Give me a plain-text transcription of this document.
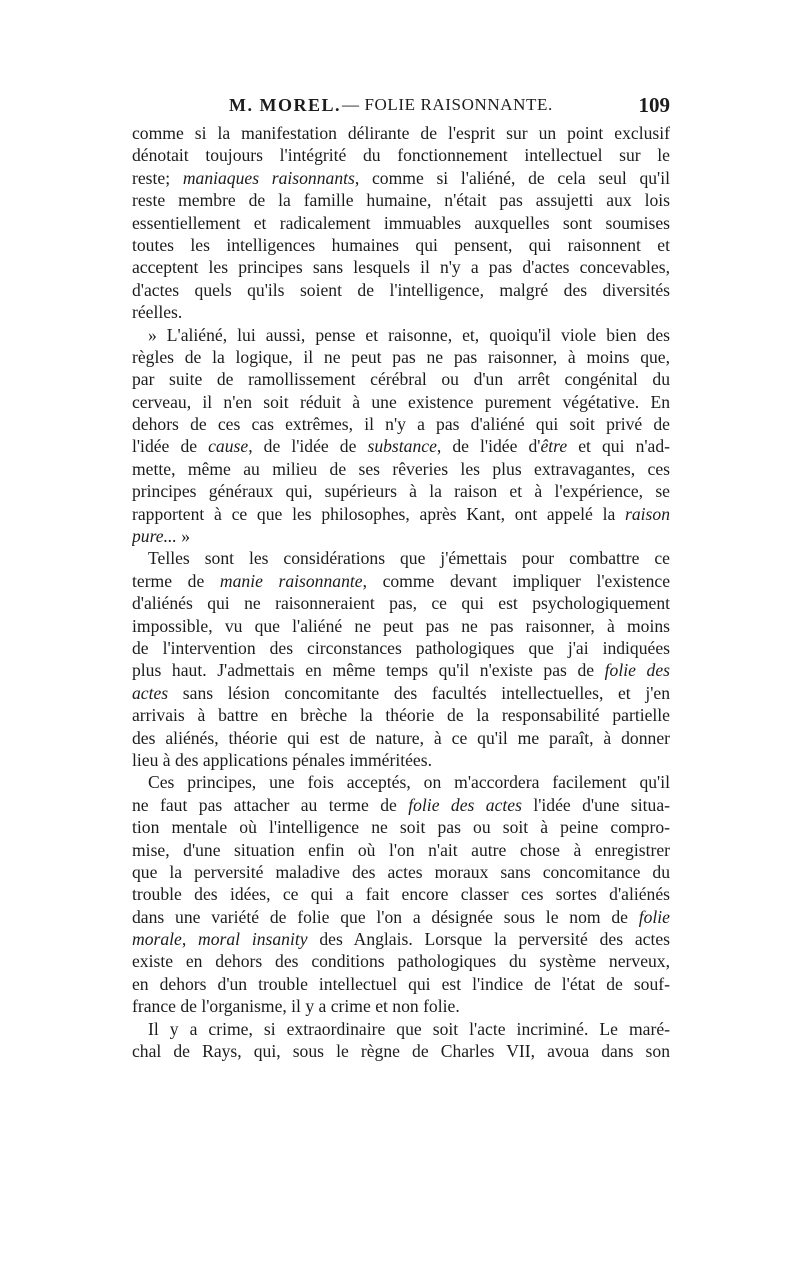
M. MOREL. — FOLIE RAISONNANTE.	109
comme si la manifestation délirante de l'esprit sur un point exclusif
dénotait toujours l'intégrité du fonctionnement intellectuel sur le
reste; maniaques raisonnants, comme si l'aliéné, de cela seul qu'il
reste membre de la famille humaine, n'était pas assujetti aux lois
essentiellement et radicalement immuables auxquelles sont soumises
toutes les intelligences humaines qui pensent, qui raisonnent et
acceptent les principes sans lesquels il n'y a pas d'actes concevables,
d'actes quels qu'ils soient de l'intelligence, malgré des diversités
réelles.
» L'aliéné, lui aussi, pense et raisonne, et, quoiqu'il viole bien des
règles de la logique, il ne peut pas ne pas raisonner, à moins que,
par suite de ramollissement cérébral ou d'un arrêt congénital du
cerveau, il n'en soit réduit à une existence purement végétative. En
dehors de ces cas extrêmes, il n'y a pas d'aliéné qui soit privé de
l'idée de cause, de l'idée de substance, de l'idée d'être et qui n'ad-
mette, même au milieu de ses rêveries les plus extravagantes, ces
principes généraux qui, supérieurs à la raison et à l'expérience, se
rapportent à ce que les philosophes, après Kant, ont appelé la raison
pure... »
Telles sont les considérations que j'émettais pour combattre ce
terme de manie raisonnante, comme devant impliquer l'existence
d'aliénés qui ne raisonneraient pas, ce qui est psychologiquement
impossible, vu que l'aliéné ne peut pas ne pas raisonner, à moins
de l'intervention des circonstances pathologiques que j'ai indiquées
plus haut. J'admettais en même temps qu'il n'existe pas de folie des
actes sans lésion concomitante des facultés intellectuelles, et j'en
arrivais à battre en brèche la théorie de la responsabilité partielle
des aliénés, théorie qui est de nature, à ce qu'il me paraît, à donner
lieu à des applications pénales imméritées.
Ces principes, une fois acceptés, on m'accordera facilement qu'il
ne faut pas attacher au terme de folie des actes l'idée d'une situa-
tion mentale où l'intelligence ne soit pas ou soit à peine compro-
mise, d'une situation enfin où l'on n'ait autre chose à enregistrer
que la perversité maladive des actes moraux sans concomitance du
trouble des idées, ce qui a fait encore classer ces sortes d'aliénés
dans une variété de folie que l'on a désignée sous le nom de folie
morale, moral insanity des Anglais. Lorsque la perversité des actes
existe en dehors des conditions pathologiques du système nerveux,
en dehors d'un trouble intellectuel qui est l'indice de l'état de souf-
france de l'organisme, il y a crime et non folie.
Il y a crime, si extraordinaire que soit l'acte incriminé. Le maré-
chal de Rays, qui, sous le règne de Charles VII, avoua dans son
